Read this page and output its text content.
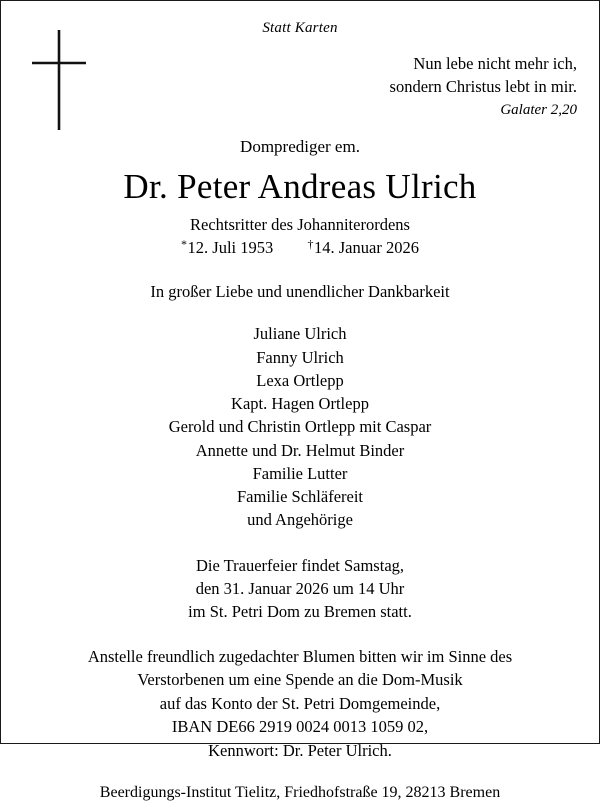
Statt Karten
Nun lebe nicht mehr ich,
sondern Christus lebt in mir.
Galater 2,20
Domprediger em.
Dr. Peter Andreas Ulrich
Rechtsritter des Johanniterordens
*12. Juli 1953	†14. Januar 2026
In großer Liebe und unendlicher Dankbarkeit
Juliane Ulrich
Fanny Ulrich
Lexa Ortlepp
Kapt. Hagen Ortlepp
Gerold und Christin Ortlepp mit Caspar
Annette und Dr. Helmut Binder
Familie Lutter
Familie Schläfereit
und Angehörige
Die Trauerfeier findet Samstag,
den 31. Januar 2026 um 14 Uhr
im St. Petri Dom zu Bremen statt.
Anstelle freundlich zugedachter Blumen bitten wir im Sinne des
Verstorbenen um eine Spende an die Dom-Musik
auf das Konto der St. Petri Domgemeinde,
IBAN DE66 2919 0024 0013 1059 02,
Kennwort: Dr. Peter Ulrich.
Beerdigungs-Institut Tielitz, Friedhofstraße 19, 28213 Bremen
